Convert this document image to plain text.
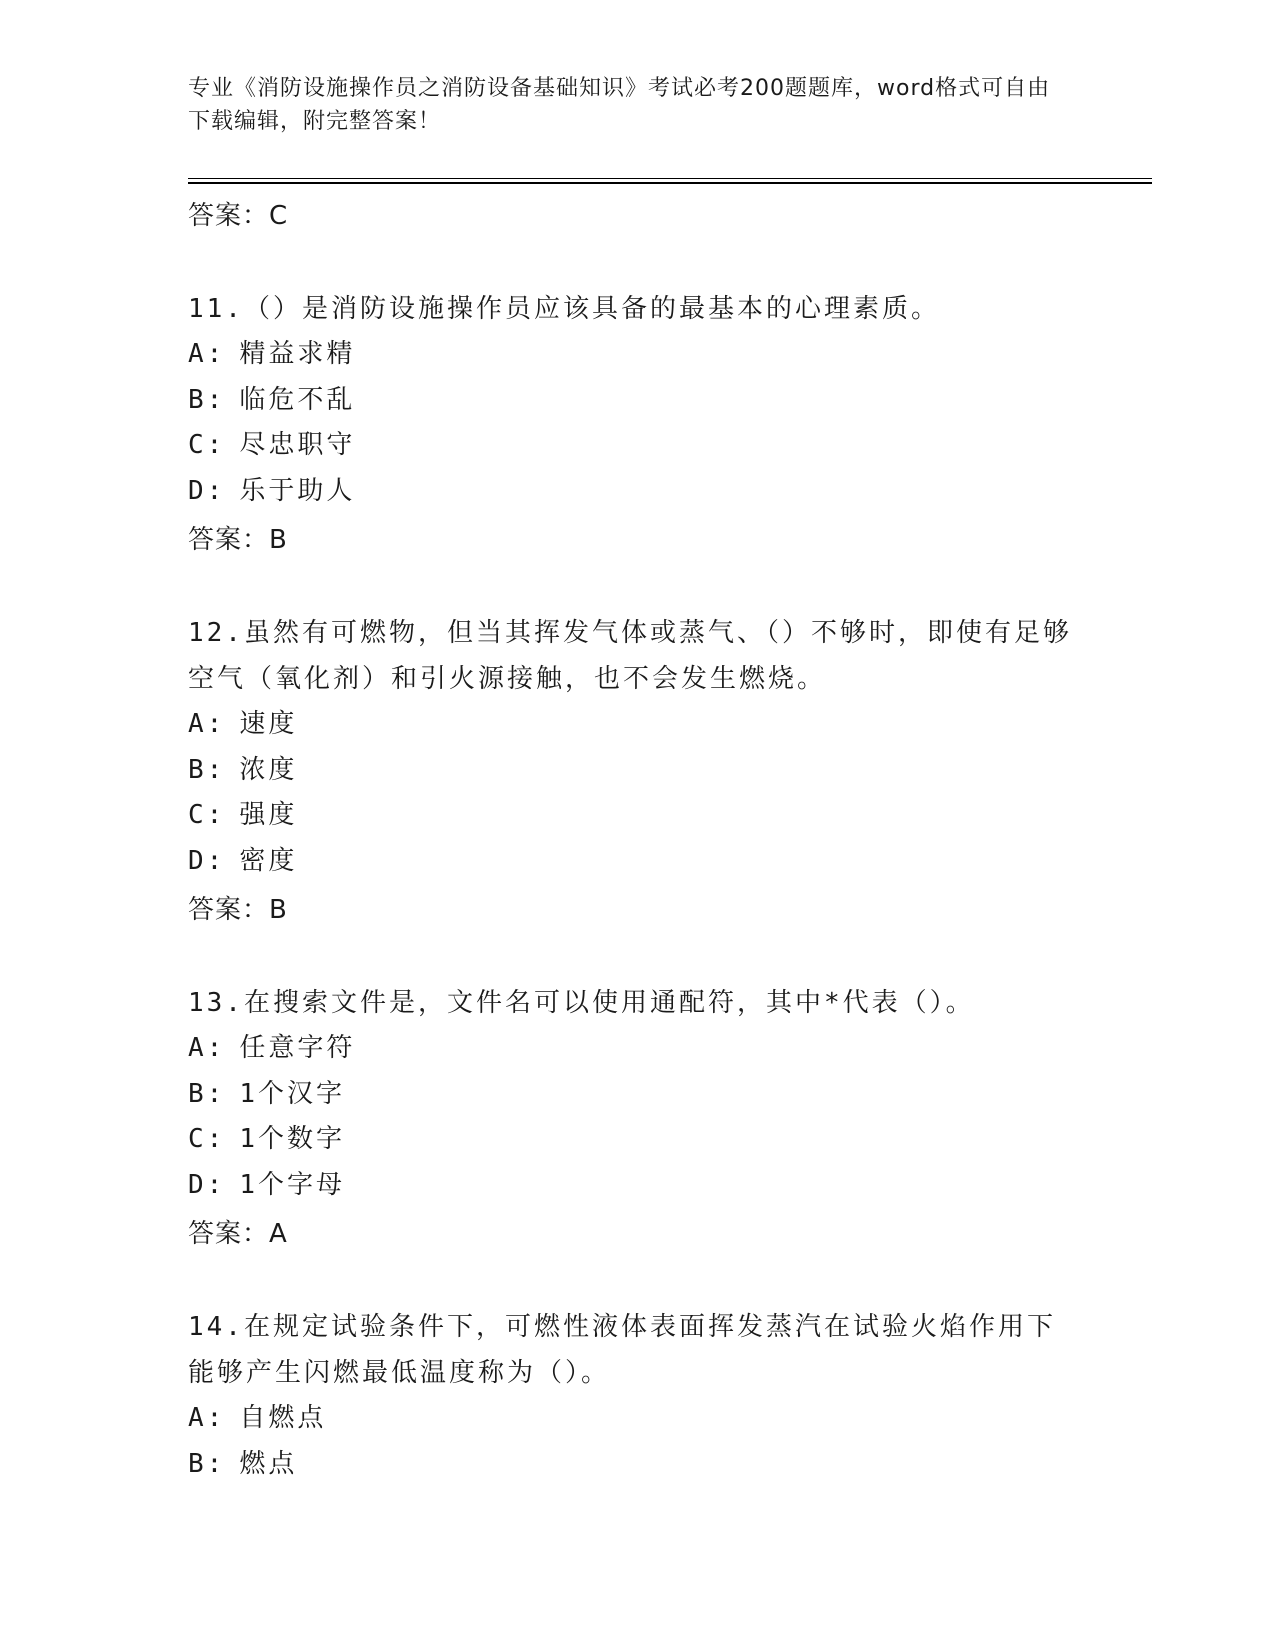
专业《消防设施操作员之消防设备基础知识》考试必考200题题库，word格式可自由下载编辑，附完整答案！
答案：C
11.（）是消防设施操作员应该具备的最基本的心理素质。
A: 精益求精
B: 临危不乱
C: 尽忠职守
D: 乐于助人
答案：B
12.虽然有可燃物，但当其挥发气体或蒸气、（）不够时，即使有足够空气（氧化剂）和引火源接触，也不会发生燃烧。
A: 速度
B: 浓度
C: 强度
D: 密度
答案：B
13.在搜索文件是，文件名可以使用通配符，其中*代表（）。
A: 任意字符
B: 1个汉字
C: 1个数字
D: 1个字母
答案：A
14.在规定试验条件下，可燃性液体表面挥发蒸汽在试验火焰作用下能够产生闪燃最低温度称为（）。
A: 自燃点
B: 燃点
